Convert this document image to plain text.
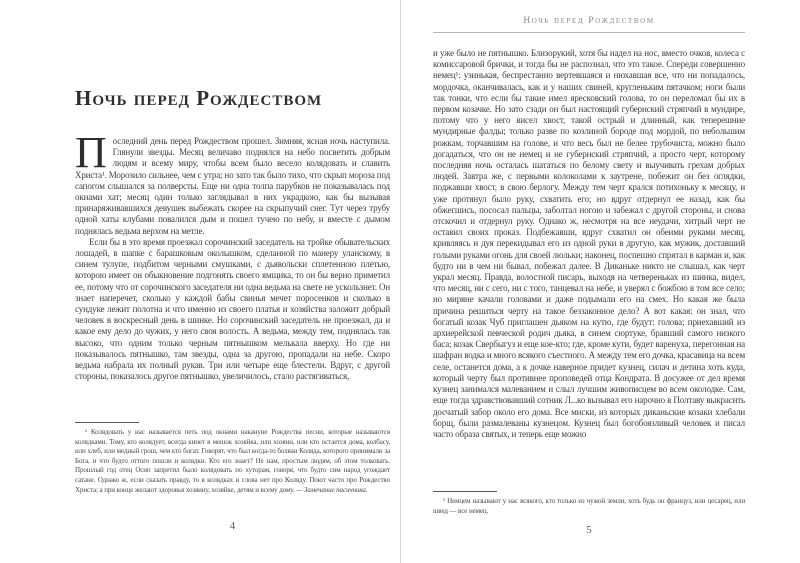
Ночь перед Рождеством

Последний день перед Рождеством прошел. Зимняя, ясная ночь наступила. Глянули звезды. Месяц величаво поднялся на небо посветить добрым людям и всему миру, чтобы всем было весело колядовать и славить Христа¹. Морозило сильнее, чем с утра; но зато так было тихо, что скрып мороза под сапогом слышался за полверсты. Еще ни одна толпа парубков не показывалась под окнами хат; месяц один только заглядывал в них украдкою, как бы вызывая принаряживавшихся девушек выбежать скорее на скрыпучий снег. Тут через трубу одной хаты клубами повалился дым и пошел тучею по небу, и вместе с дымом поднялась ведьма верхом на метле.

Если бы в это время проезжал сорочинский заседатель на тройке обывательских лошадей, в шапке с барашковым околышком, сделанной по манеру уланскому, в синем тулупе, подбитом черными смушками, с дьявольски сплетенною плетью, которою имеет он обыкновение подгонять своего ямщика, то он бы верно приметил ее, потому что от сорочинского заседателя ни одна ведьма на свете не ускользнет. Он знает наперечет, сколько у каждой бабы свинья мечет поросенков и сколько в сундуке лежит полотна и что именно из своего платья и хозяйства заложит добрый человек в воскресный день в шинке. Но сорочинский заседатель не проезжал, да и какое ему дело до чужих, у него своя волость. А ведьма, между тем, поднялась так высоко, что одним только черным пятнышком мелькала вверху. Но где ни показывалось пятнышко, там звезды, одна за другою, пропадали на небе. Скоро ведьма набрала их полный рукав. Три или четыре еще блестели. Вдруг, с другой стороны, показалось другое пятнышко, увеличилось, стало растягиваться,

¹ Колядовать у нас называется петь под окнами накануне Рождества песни, которые называются колядками. Тому, кто колядует, всегда кинет в мешок хозяйка, или хозяин, или кто остается дома, колбасу, или хлеб, или медный грош, чем кто богат. Говорят, что был когда-то болван Коляда, которого принимали за Бога, и что будто оттого пошли и колядки. Кто его знает? Не нам, простым людям, об этом толковать. Прошлый год отец Осип запретил было колядовать по хуторам, говоря, что будто сим народ угождает сатане. Однако ж, если сказать правду, то в колядках и слова нет про Коляду. Поют часто про Рождество Христа; а при конце желают здоровья хозяину, хозяйке, детям и всему дому. — Замечание пасичника.

4
Ночь перед Рождеством

и уже было не пятнышко. Близорукий, хотя бы надел на нос, вместо очков, колеса с комиссаровой брички, и тогда бы не распознал, что это такое. Спереди совершенно немец¹: узинькая, беспрестанно вертевшаяся и нюхавшая все, что ни попадалось, мордочка, оканчивалась, как и у наших свиней, кругленьким пятачком; ноги были так тонки, что если бы такие имел яресковский голова, то он переломал бы их в первом козачке. Но зато сзади он был настоящий губернский стряпчий в мундире, потому что у него висел хвост, такой острый и длинный, как теперешние мундирные фалды; только разве по козлиной бороде под мордой, по небольшим рожкам, торчавшим на голове, и что весь был не белее трубочиста, можно было догадаться, что он не немец и не губернский стряпчий, а просто черт, которому последняя ночь осталась шататься по белому свету и выучивать грехам добрых людей. Завтра же, с первыми колоколами к заутрене, побежит он без оглядки, поджавши хвост, в свою берлогу. Между тем черт крался потихоньку к месяцу, и уже протянул было руку, схватить его; но вдруг отдернул ее назад, как бы обжегшись, пососал пальцы, заболтал ногою и забежал с другой стороны, и снова отскочил и отдернул руку. Однако ж, несмотря на все неудачи, хитрый черт не оставил своих проказ. Подбежавши, вдруг схватил он обеими руками месяц, кривляясь и дуя перекидывал его из одной руки в другую, как мужик, доставший голыми руками огонь для своей люльки; наконец, поспешно спрятал в карман и, как будто ни в чем ни бывал, побежал далее. В Диканьке никто не слышал, как черт украл месяц. Правда, волостной писарь, выходя на четвереньках из шинка, видел, что месяц, ни с сего, ни с того, танцевал на небе, и уверял с божбою в том все село; но миряне качали головами и даже подымали его на смех. Но какая же была причина решиться черту на такое беззаконное дело? А вот какая: он знал, что богатый козак Чуб приглашен дьяком на кутю, где будут: голова; приехавший из архиерейской певческой родич дьяка, в синем сюртуке, бравший самого низкого баса; козак Свербыгуз и еще кое-кто; где, кроме кути, будет варенуха, перегонная на шафран водка и много всякого съестного. А между тем его дочка, красавица на всем селе, останется дома, а к дочке наверное придет кузнец, силач и детина хоть куда, который черту был противнее проповедей отца Кондрата. В досужее от дел время кузнец занимался малеванием и слыл лучшим живописцем во всем околодке. Сам, еще тогда здравствовавший сотник Л...ко вызывал его нарочно в Полтаву выкрасить досчатый забор около его дома. Все миски, из которых диканьские козаки хлебали борщ, были размалеваны кузнецом. Кузнец был богобоязливый человек и писал часто образа святых, и теперь еще можно

¹ Немцем называют у нас всякого, кто только из чужой земли, хоть будь он француз, или цесарец, или швед — все немец.

5
